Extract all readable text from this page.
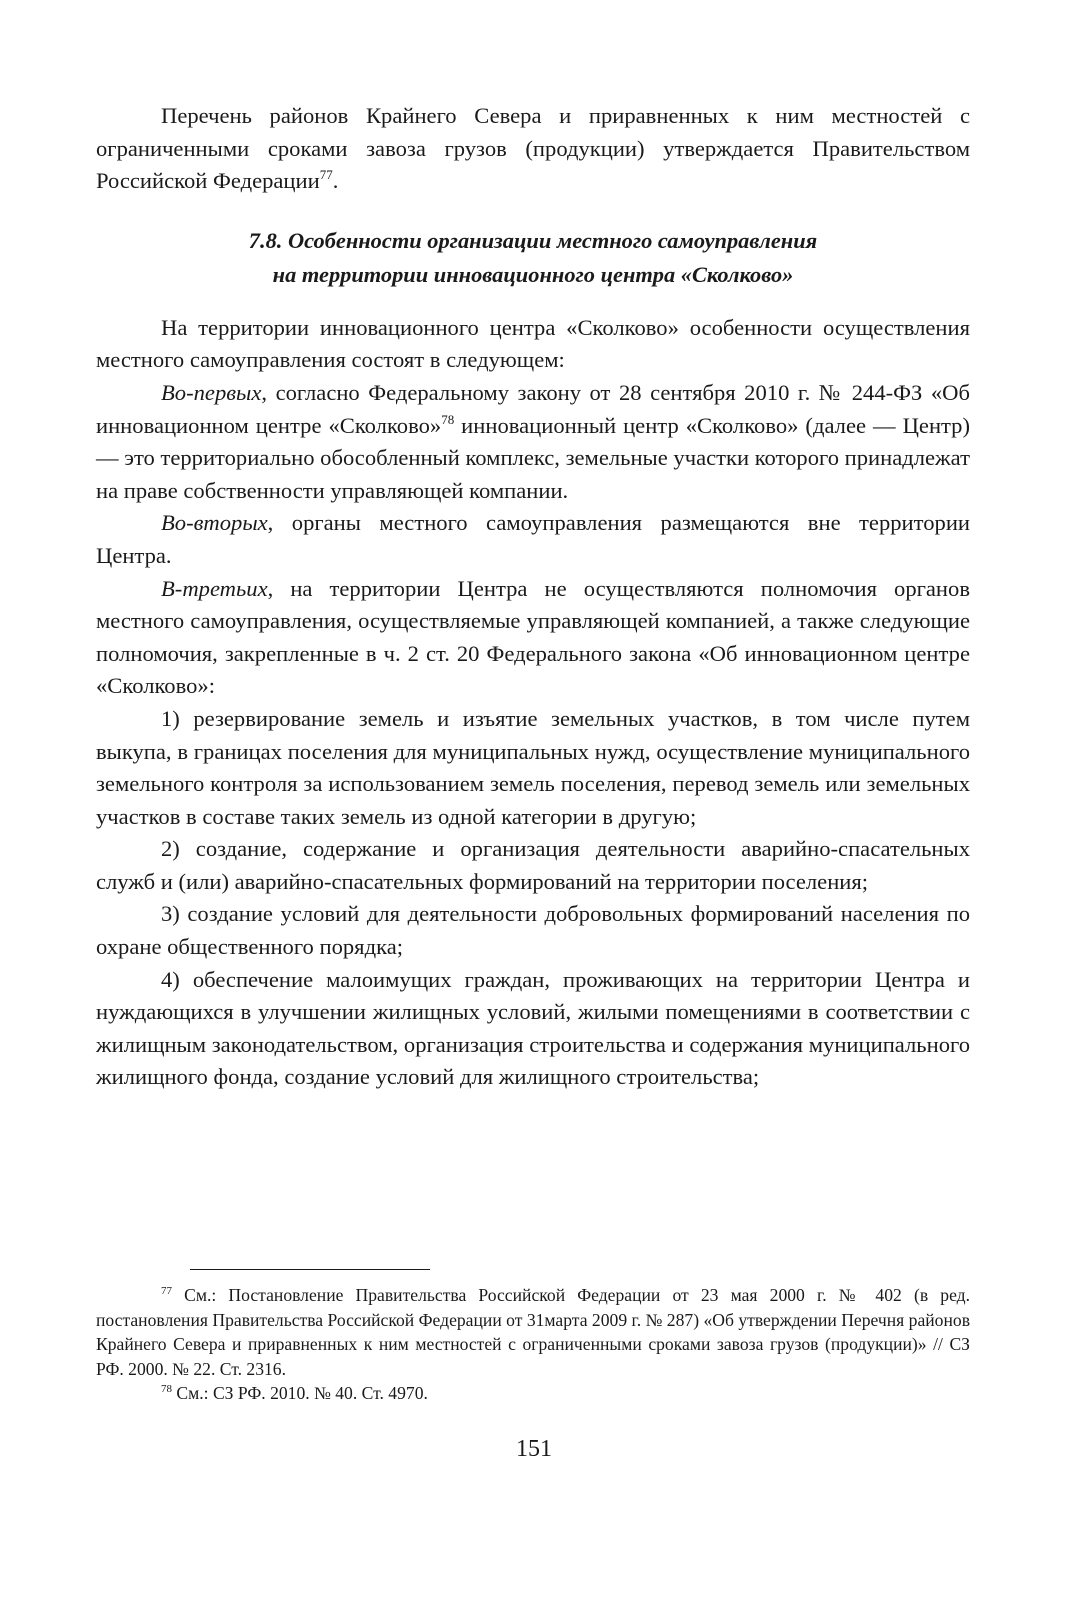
Перечень районов Крайнего Севера и приравненных к ним местностей с ограниченными сроками завоза грузов (продукции) утверждается Правительством Российской Федерации$^{77}$.

7.8. Особенности организации местного самоуправления
на территории инновационного центра «Сколково»

На территории инновационного центра «Сколково» особенности осуществления местного самоуправления состоят в следующем:

Во-первых, согласно Федеральному закону от 28 сентября 2010 г. № 244-ФЗ «Об инновационном центре «Сколково»$^{78}$ инновационный центр «Сколково» (далее — Центр) — это территориально обособленный комплекс, земельные участки которого принадлежат на праве собственности управляющей компании.

Во-вторых, органы местного самоуправления размещаются вне территории Центра.

В-третьих, на территории Центра не осуществляются полномочия органов местного самоуправления, осуществляемые управляющей компанией, а также следующие полномочия, закрепленные в ч. 2 ст. 20 Федерального закона «Об инновационном центре «Сколково»:

1) резервирование земель и изъятие земельных участков, в том числе путем выкупа, в границах поселения для муниципальных нужд, осуществление муниципального земельного контроля за использованием земель поселения, перевод земель или земельных участков в составе таких земель из одной категории в другую;

2) создание, содержание и организация деятельности аварийно-спасательных служб и (или) аварийно-спасательных формирований на территории поселения;

3) создание условий для деятельности добровольных формирований населения по охране общественного порядка;

4) обеспечение малоимущих граждан, проживающих на территории Центра и нуждающихся в улучшении жилищных условий, жилыми помещениями в соответствии с жилищным законодательством, организация строительства и содержания муниципального жилищного фонда, создание условий для жилищного строительства;

$^{77}$ См.: Постановление Правительства Российской Федерации от 23 мая 2000 г. № 402 (в ред. постановления Правительства Российской Федерации от 31марта 2009 г. № 287) «Об утверждении Перечня районов Крайнего Севера и приравненных к ним местностей с ограниченными сроками завоза грузов (продукции)» // СЗ РФ. 2000. № 22. Ст. 2316.

$^{78}$ См.: СЗ РФ. 2010. № 40. Ст. 4970.

151
